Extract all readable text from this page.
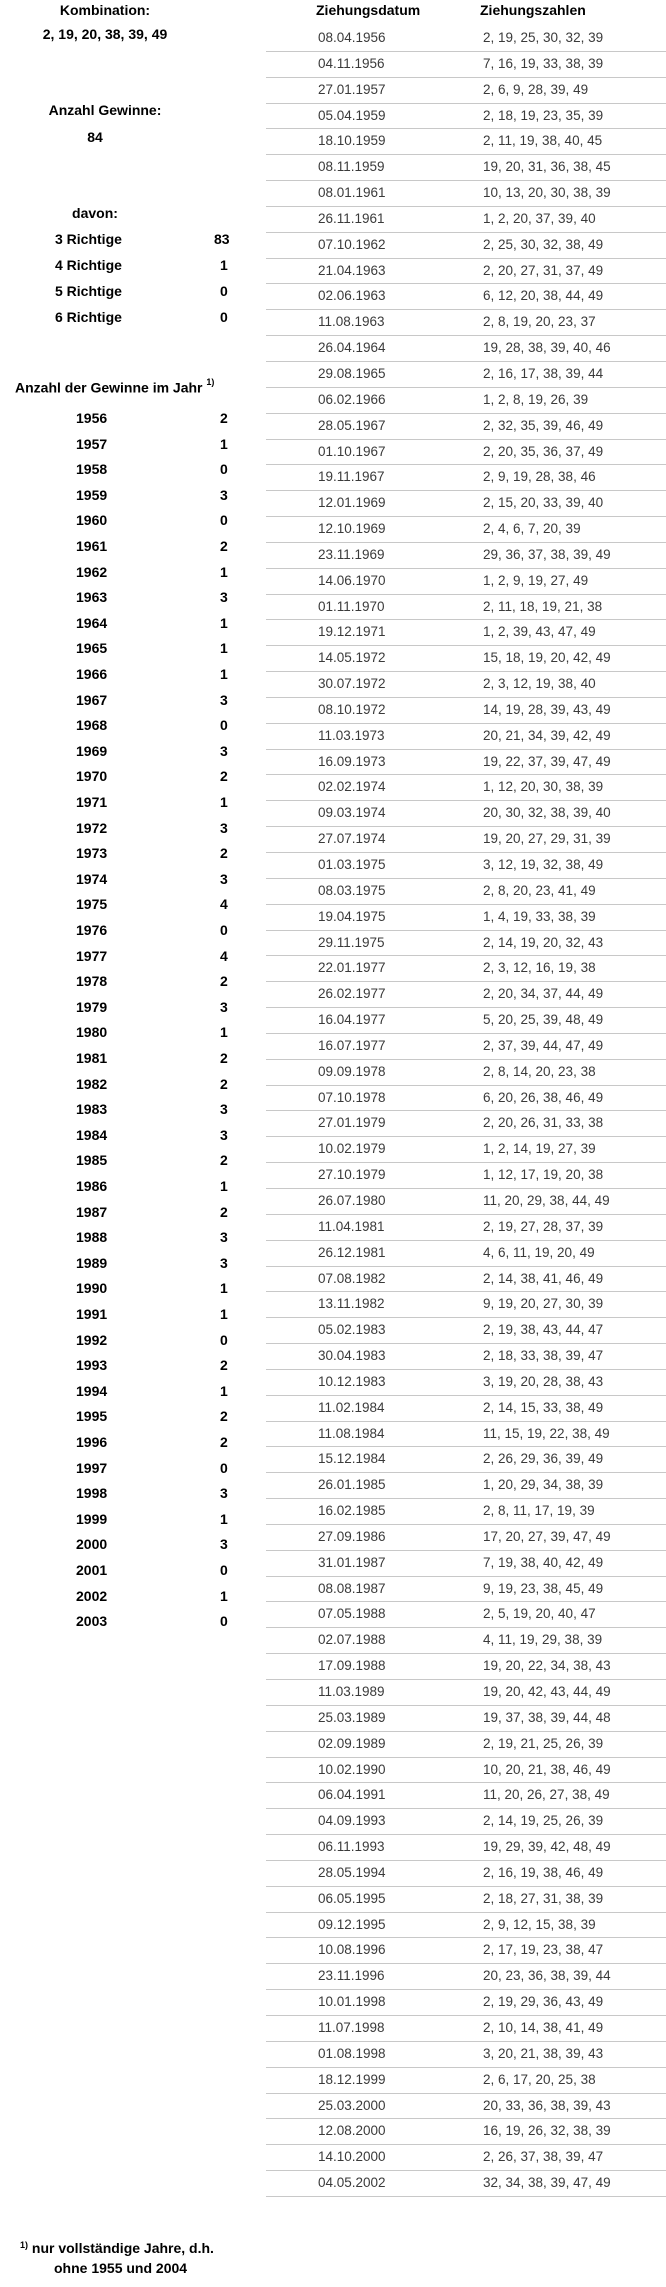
Kombination:
2, 19, 20, 38, 39, 49
Anzahl Gewinne:
84
davon:
3 Richtige	83
4 Richtige	1
5 Richtige	0
6 Richtige	0
Anzahl der Gewinne im Jahr $^{1)}$
1956	2
1957	1
1958	0
1959	3
1960	0
1961	2
1962	1
1963	3
1964	1
1965	1
1966	1
1967	3
1968	0
1969	3
1970	2
1971	1
1972	3
1973	2
1974	3
1975	4
1976	0
1977	4
1978	2
1979	3
1980	1
1981	2
1982	2
1983	3
1984	3
1985	2
1986	1
1987	2
1988	3
1989	3
1990	1
1991	1
1992	0
1993	2
1994	1
1995	2
1996	2
1997	0
1998	3
1999	1
2000	3
2001	0
2002	1
2003	0
Ziehungsdatum	Ziehungszahlen
08.04.1956	2, 19, 25, 30, 32, 39
04.11.1956	7, 16, 19, 33, 38, 39
27.01.1957	2, 6, 9, 28, 39, 49
05.04.1959	2, 18, 19, 23, 35, 39
18.10.1959	2, 11, 19, 38, 40, 45
08.11.1959	19, 20, 31, 36, 38, 45
08.01.1961	10, 13, 20, 30, 38, 39
26.11.1961	1, 2, 20, 37, 39, 40
07.10.1962	2, 25, 30, 32, 38, 49
21.04.1963	2, 20, 27, 31, 37, 49
02.06.1963	6, 12, 20, 38, 44, 49
11.08.1963	2, 8, 19, 20, 23, 37
26.04.1964	19, 28, 38, 39, 40, 46
29.08.1965	2, 16, 17, 38, 39, 44
06.02.1966	1, 2, 8, 19, 26, 39
28.05.1967	2, 32, 35, 39, 46, 49
01.10.1967	2, 20, 35, 36, 37, 49
19.11.1967	2, 9, 19, 28, 38, 46
12.01.1969	2, 15, 20, 33, 39, 40
12.10.1969	2, 4, 6, 7, 20, 39
23.11.1969	29, 36, 37, 38, 39, 49
14.06.1970	1, 2, 9, 19, 27, 49
01.11.1970	2, 11, 18, 19, 21, 38
19.12.1971	1, 2, 39, 43, 47, 49
14.05.1972	15, 18, 19, 20, 42, 49
30.07.1972	2, 3, 12, 19, 38, 40
08.10.1972	14, 19, 28, 39, 43, 49
11.03.1973	20, 21, 34, 39, 42, 49
16.09.1973	19, 22, 37, 39, 47, 49
02.02.1974	1, 12, 20, 30, 38, 39
09.03.1974	20, 30, 32, 38, 39, 40
27.07.1974	19, 20, 27, 29, 31, 39
01.03.1975	3, 12, 19, 32, 38, 49
08.03.1975	2, 8, 20, 23, 41, 49
19.04.1975	1, 4, 19, 33, 38, 39
29.11.1975	2, 14, 19, 20, 32, 43
22.01.1977	2, 3, 12, 16, 19, 38
26.02.1977	2, 20, 34, 37, 44, 49
16.04.1977	5, 20, 25, 39, 48, 49
16.07.1977	2, 37, 39, 44, 47, 49
09.09.1978	2, 8, 14, 20, 23, 38
07.10.1978	6, 20, 26, 38, 46, 49
27.01.1979	2, 20, 26, 31, 33, 38
10.02.1979	1, 2, 14, 19, 27, 39
27.10.1979	1, 12, 17, 19, 20, 38
26.07.1980	11, 20, 29, 38, 44, 49
11.04.1981	2, 19, 27, 28, 37, 39
26.12.1981	4, 6, 11, 19, 20, 49
07.08.1982	2, 14, 38, 41, 46, 49
13.11.1982	9, 19, 20, 27, 30, 39
05.02.1983	2, 19, 38, 43, 44, 47
30.04.1983	2, 18, 33, 38, 39, 47
10.12.1983	3, 19, 20, 28, 38, 43
11.02.1984	2, 14, 15, 33, 38, 49
11.08.1984	11, 15, 19, 22, 38, 49
15.12.1984	2, 26, 29, 36, 39, 49
26.01.1985	1, 20, 29, 34, 38, 39
16.02.1985	2, 8, 11, 17, 19, 39
27.09.1986	17, 20, 27, 39, 47, 49
31.01.1987	7, 19, 38, 40, 42, 49
08.08.1987	9, 19, 23, 38, 45, 49
07.05.1988	2, 5, 19, 20, 40, 47
02.07.1988	4, 11, 19, 29, 38, 39
17.09.1988	19, 20, 22, 34, 38, 43
11.03.1989	19, 20, 42, 43, 44, 49
25.03.1989	19, 37, 38, 39, 44, 48
02.09.1989	2, 19, 21, 25, 26, 39
10.02.1990	10, 20, 21, 38, 46, 49
06.04.1991	11, 20, 26, 27, 38, 49
04.09.1993	2, 14, 19, 25, 26, 39
06.11.1993	19, 29, 39, 42, 48, 49
28.05.1994	2, 16, 19, 38, 46, 49
06.05.1995	2, 18, 27, 31, 38, 39
09.12.1995	2, 9, 12, 15, 38, 39
10.08.1996	2, 17, 19, 23, 38, 47
23.11.1996	20, 23, 36, 38, 39, 44
10.01.1998	2, 19, 29, 36, 43, 49
11.07.1998	2, 10, 14, 38, 41, 49
01.08.1998	3, 20, 21, 38, 39, 43
18.12.1999	2, 6, 17, 20, 25, 38
25.03.2000	20, 33, 36, 38, 39, 43
12.08.2000	16, 19, 26, 32, 38, 39
14.10.2000	2, 26, 37, 38, 39, 47
04.05.2002	32, 34, 38, 39, 47, 49
$^{1)}$ nur vollständige Jahre, d.h.
ohne 1955 und 2004
